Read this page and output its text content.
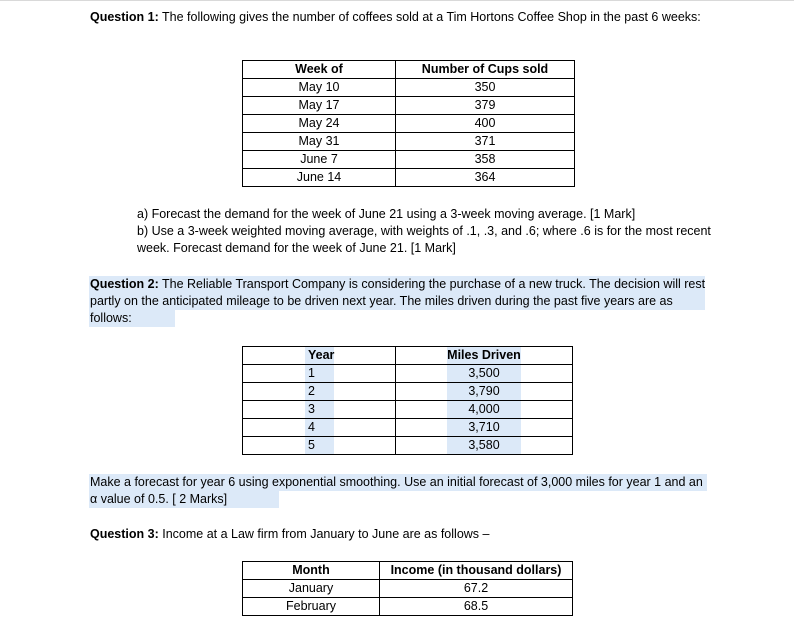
Question 1: The following gives the number of coffees sold at a Tim Hortons Coffee Shop in the past 6 weeks:
Week of	Number of Cups sold
May 10	350
May 17	379
May 24	400
May 31	371
June 7	358
June 14	364
a) Forecast the demand for the week of June 21 using a 3-week moving average. [1 Mark]
b) Use a 3-week weighted moving average, with weights of .1, .3, and .6; where .6 is for the most recent week. Forecast demand for the week of June 21. [1 Mark]
Question 2: The Reliable Transport Company is considering the purchase of a new truck. The decision will rest partly on the anticipated mileage to be driven next year. The miles driven during the past five years are as follows:
Year	Miles Driven
1	3,500
2	3,790
3	4,000
4	3,710
5	3,580
Make a forecast for year 6 using exponential smoothing. Use an initial forecast of 3,000 miles for year 1 and an α value of 0.5. [ 2 Marks]
Question 3: Income at a Law firm from January to June are as follows –
Month	Income (in thousand dollars)
January	67.2
February	68.5
